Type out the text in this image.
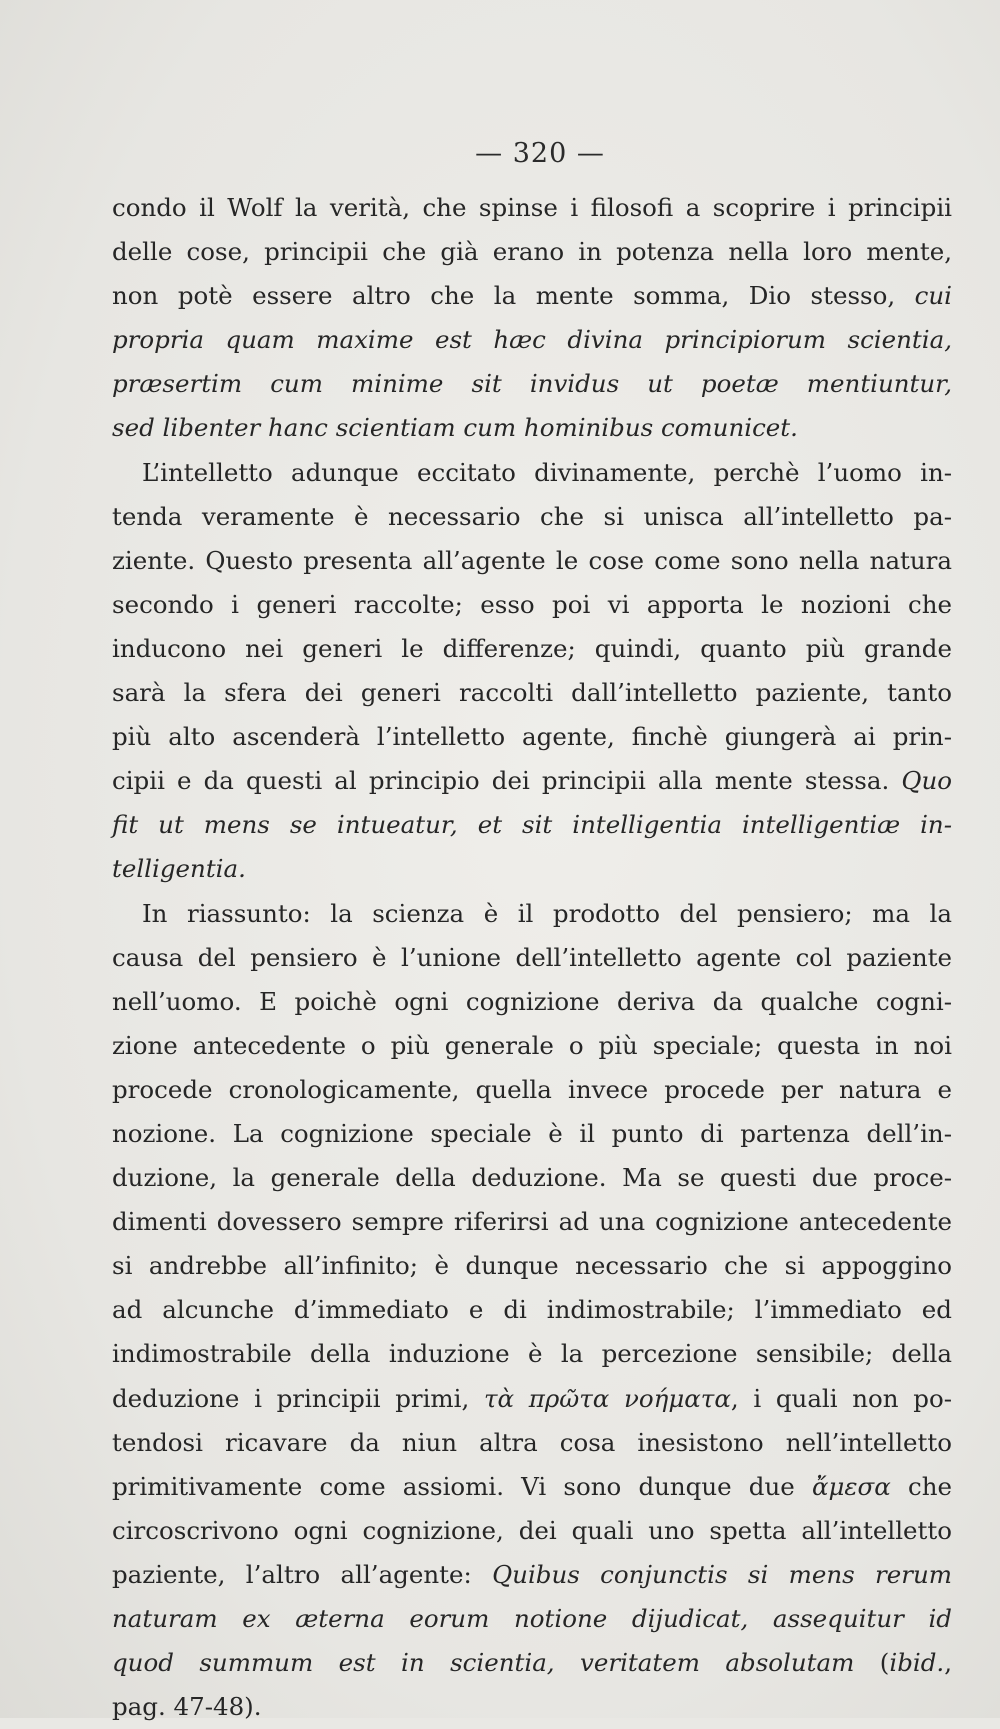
— 320 —
condo il Wolf la verità, che spinse i filosofi a scoprire i principii
delle cose, principii che già erano in potenza nella loro mente,
non potè essere altro che la mente somma, Dio stesso, cui
propria quam maxime est hæc divina principiorum scientia,
præsertim cum minime sit invidus ut poetæ mentiuntur,
sed libenter hanc scientiam cum hominibus comunicet.
L’intelletto adunque eccitato divinamente, perchè l’uomo in-
tenda veramente è necessario che si unisca all’intelletto pa-
ziente. Questo presenta all’agente le cose come sono nella natura
secondo i generi raccolte; esso poi vi apporta le nozioni che
inducono nei generi le differenze; quindi, quanto più grande
sarà la sfera dei generi raccolti dall’intelletto paziente, tanto
più alto ascenderà l’intelletto agente, finchè giungerà ai prin-
cipii e da questi al principio dei principii alla mente stessa. Quo
fit ut mens se intueatur, et sit intelligentia intelligentiæ in-
telligentia.
In riassunto: la scienza è il prodotto del pensiero; ma la
causa del pensiero è l’unione dell’intelletto agente col paziente
nell’uomo. E poichè ogni cognizione deriva da qualche cogni-
zione antecedente o più generale o più speciale; questa in noi
procede cronologicamente, quella invece procede per natura e
nozione. La cognizione speciale è il punto di partenza dell’in-
duzione, la generale della deduzione. Ma se questi due proce-
dimenti dovessero sempre riferirsi ad una cognizione antecedente
si andrebbe all’infinito; è dunque necessario che si appoggino
ad alcunche d’immediato e di indimostrabile; l’immediato ed
indimostrabile della induzione è la percezione sensibile; della
deduzione i principii primi, τὰ πρῶτα νοήματα, i quali non po-
tendosi ricavare da niun altra cosa inesistono nell’intelletto
primitivamente come assiomi. Vi sono dunque due ἄμεσα che
circoscrivono ogni cognizione, dei quali uno spetta all’intelletto
paziente, l’altro all’agente: Quibus conjunctis si mens rerum
naturam ex æterna eorum notione dijudicat, assequitur id
quod summum est in scientia, veritatem absolutam (ibid.,
pag. 47-48).
